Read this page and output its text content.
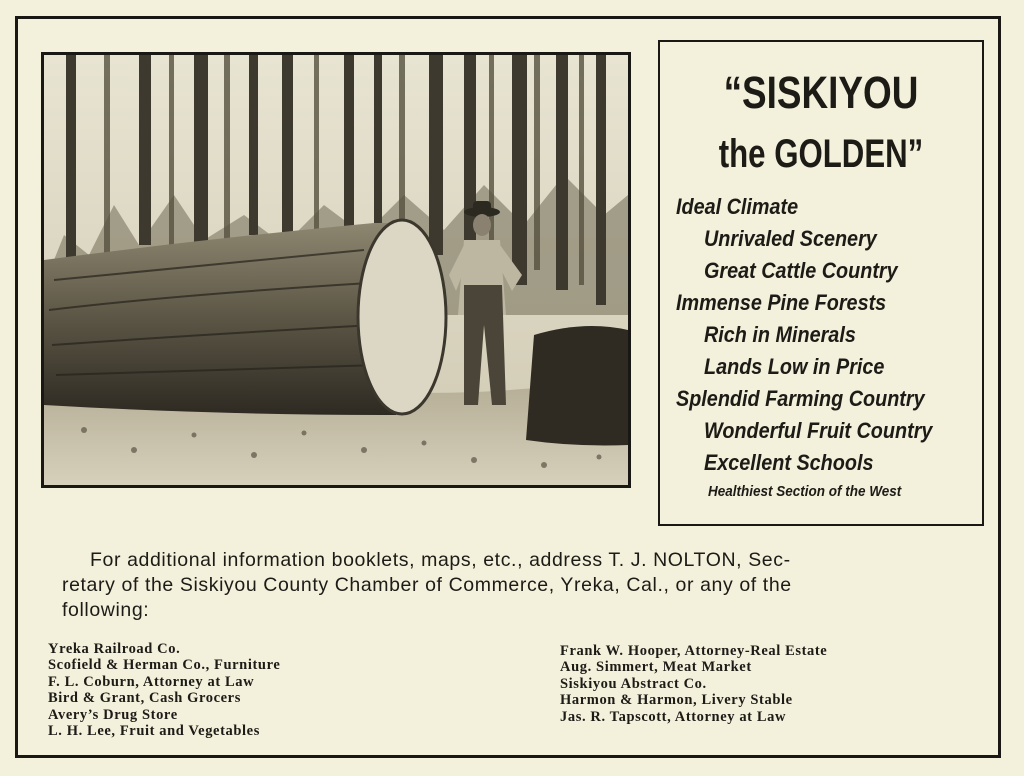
“SISKIYOU
the GOLDEN”
Ideal Climate
Unrivaled Scenery
Great Cattle Country
Immense Pine Forests
Rich in Minerals
Lands Low in Price
Splendid Farming Country
Wonderful Fruit Country
Excellent Schools
Healthiest Section of the West
For additional information booklets, maps, etc., address T. J. NOLTON, Sec-
retary of the Siskiyou County Chamber of Commerce, Yreka, Cal., or any of the
following:
Yreka Railroad Co.
Scofield & Herman Co., Furniture
F. L. Coburn, Attorney at Law
Bird & Grant, Cash Grocers
Avery’s Drug Store
L. H. Lee, Fruit and Vegetables
Frank W. Hooper, Attorney-Real Estate
Aug. Simmert, Meat Market
Siskiyou Abstract Co.
Harmon & Harmon, Livery Stable
Jas. R. Tapscott, Attorney at Law
